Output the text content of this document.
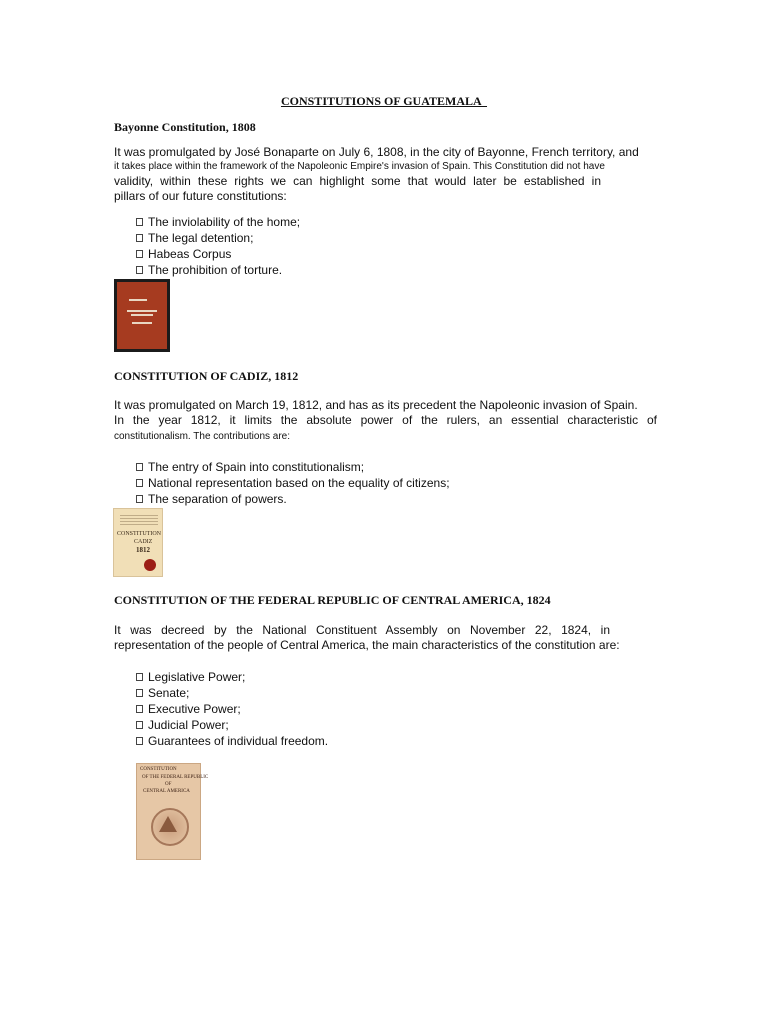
CONSTITUTIONS OF GUATEMALA
Bayonne Constitution, 1808
It was promulgated by José Bonaparte on July 6, 1808, in the city of Bayonne, French territory, and
it takes place within the framework of the Napoleonic Empire's invasion of Spain. This Constitution did not have
validity, within these rights we can highlight some that would later be established in
pillars of our future constitutions:
The inviolability of the home;
The legal detention;
Habeas Corpus
The prohibition of torture.
CONSTITUTION OF CADIZ, 1812
It was promulgated on March 19, 1812, and has as its precedent the Napoleonic invasion of Spain.
In the year 1812, it limits the absolute power of the rulers, an essential characteristic of
constitutionalism. The contributions are:
The entry of Spain into constitutionalism;
National representation based on the equality of citizens;
The separation of powers.
CONSTITUTION
CADIZ
1812
CONSTITUTION OF THE FEDERAL REPUBLIC OF CENTRAL AMERICA, 1824
It was decreed by the National Constituent Assembly on November 22, 1824, in
representation of the people of Central America, the main characteristics of the constitution are:
Legislative Power;
Senate;
Executive Power;
Judicial Power;
Guarantees of individual freedom.
CONSTITUTION
OF THE FEDERAL REPUBLIC
OF
CENTRAL AMERICA
